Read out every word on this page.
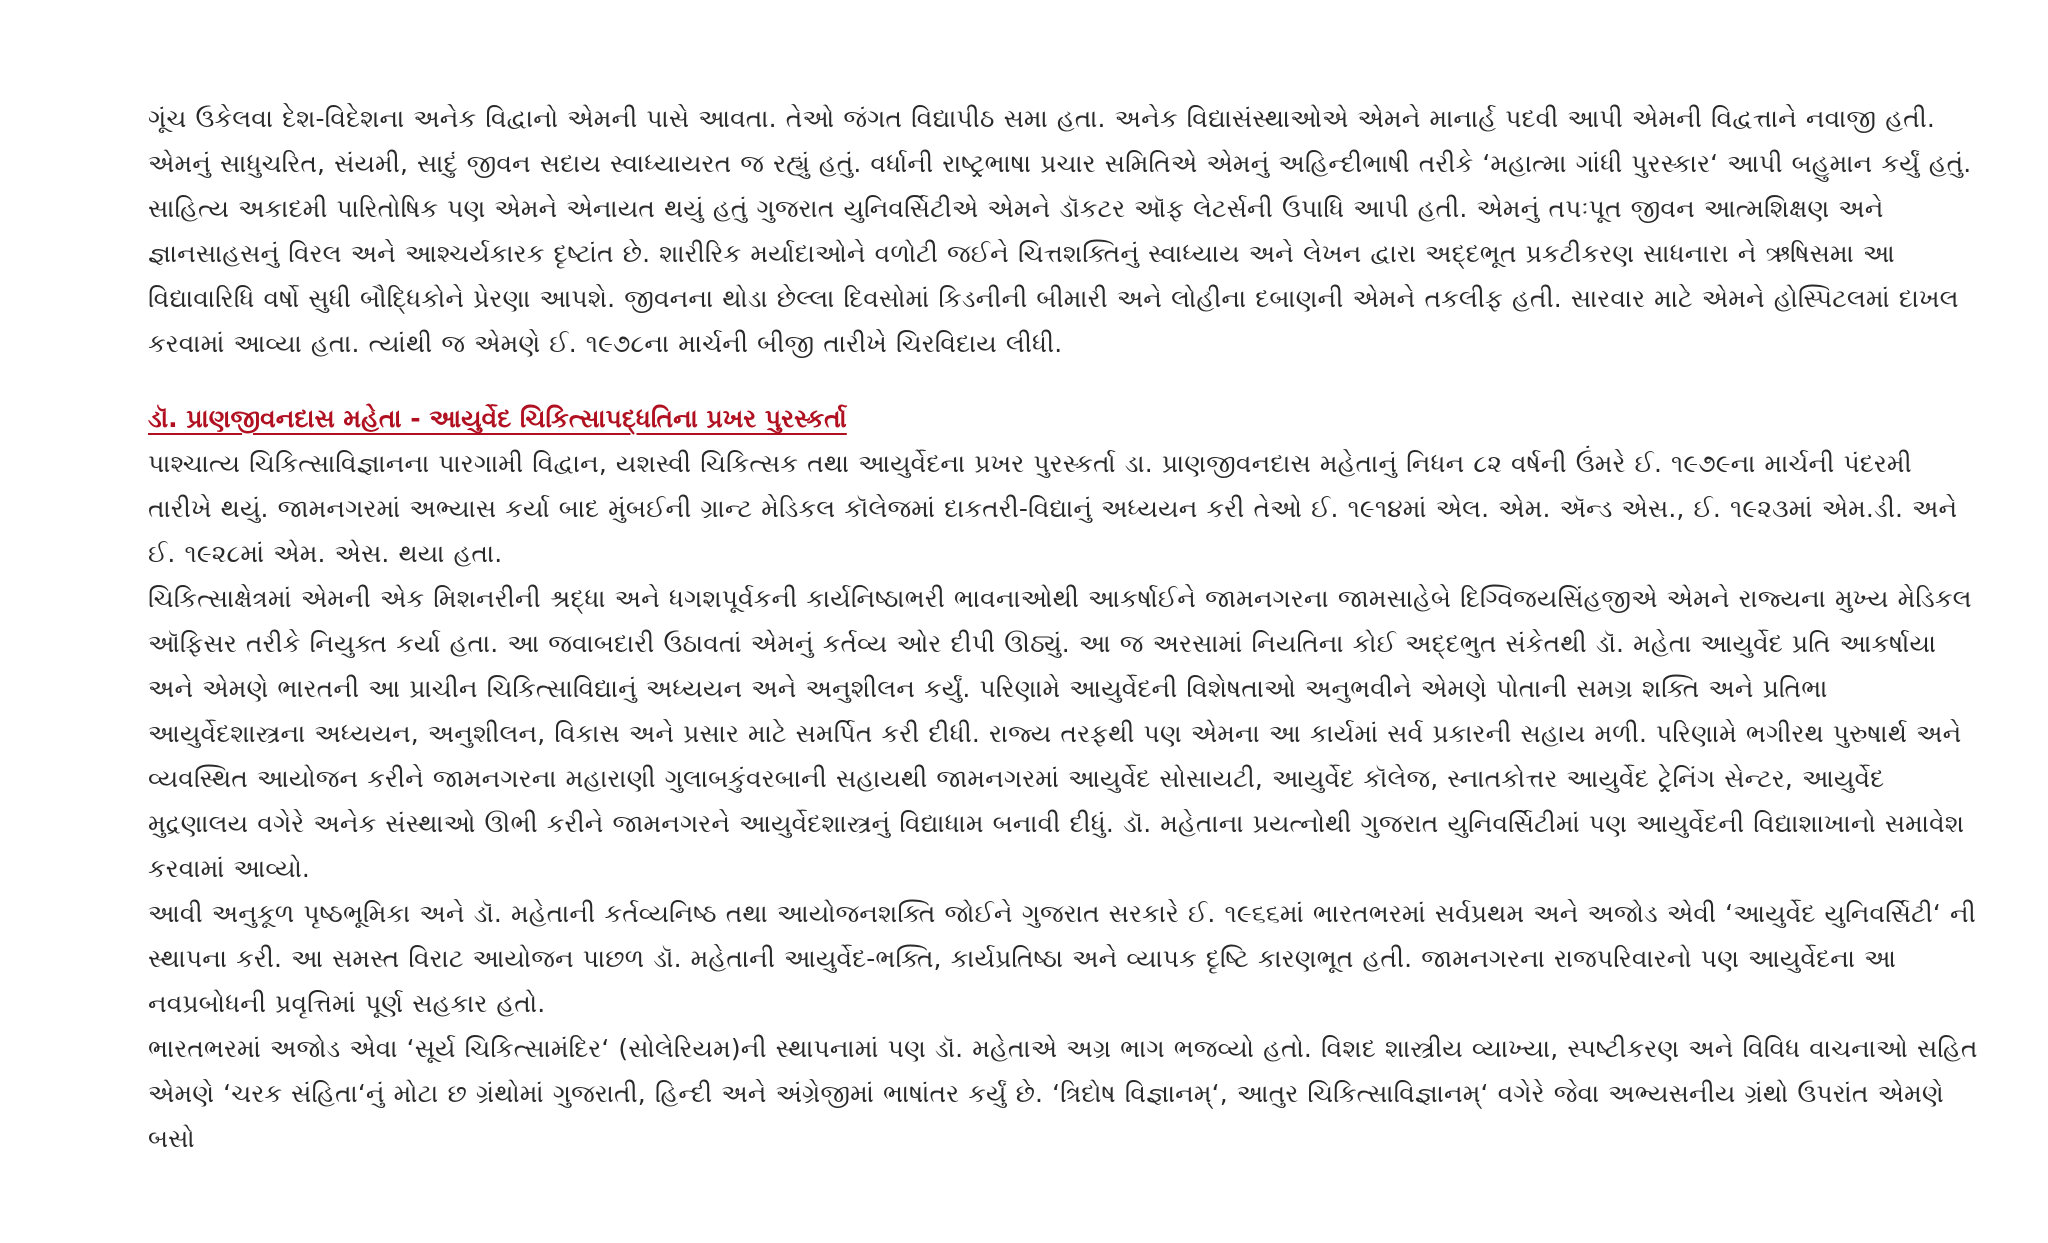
ગૂંચ ઉકેલવા દેશ-વિદેશના અનેક વિદ્વાનો એમની પાસે આવતા. તેઓ જંગત વિદ્યાપીઠ સમા હતા. અનેક વિદ્યાસંસ્થાઓએ એમને માનાર્હ પદવી આપી એમની વિદ્વત્તાને નવાજી હતી. એમનું સાધુચરિત, સંયમી, સાદું જીવન સદાય સ્વાધ્યાયરત જ રહ્યું હતું. વર્ધાની રાષ્ટ્રભાષા પ્રચાર સમિતિએ એમનું અહિન્દીભાષી તરીકે ‘મહાત્મા ગાંધી પુરસ્કાર‘ આપી બહુમાન કર્યું હતું. સાહિત્ય અકાદમી પારિતોષિક પણ એમને એનાયત થયું હતું ગુજરાત યુનિવર્સિટીએ એમને ડૉકટર ઑફ લેટર્સની ઉપાધિ આપી હતી. એમનું તપઃપૂત જીવન આત્મશિક્ષણ અને જ્ઞાનસાહસનું વિરલ અને આશ્ચર્યકારક દૃષ્ટાંત છે. શારીરિક મર્યાદાઓને વળોટી જઈને ચિત્તશક્તિનું સ્વાધ્યાય અને લેખન દ્વારા અદ્દભૂત પ્રકટીકરણ સાધનારા ને ઋષિસમા આ વિદ્યાવારિધિ વર્ષો સુધી બૌદ્ધિકોને પ્રેરણા આપશે. જીવનના થોડા છેલ્લા દિવસોમાં કિડનીની બીમારી અને લોહીના દબાણની એમને તકલીફ હતી. સારવાર માટે એમને હોસ્પિટલમાં દાખલ કરવામાં આવ્યા હતા. ત્યાંથી જ એમણે ઈ. ૧૯૭૮ના માર્ચની બીજી તારીખે ચિરવિદાય લીધી.

ડૉ. પ્રાણજીવનદાસ મહેતા - આયુર્વેદ ચિકિત્સાપદ્ધતિના પ્રખર પુરસ્કર્તા

પાશ્ચાત્ય ચિકિત્સાવિજ્ઞાનના પારગામી વિદ્વાન, યશસ્વી ચિકિત્સક તથા આયુર્વેદના પ્રખર પુરસ્કર્તા ડા. પ્રાણજીવનદાસ મહેતાનું નિધન ૮૨ વર્ષની ઉંમરે ઈ. ૧૯૭૯ના માર્ચની પંદરમી તારીખે થયું. જામનગરમાં અભ્યાસ કર્યા બાદ મુંબઈની ગ્રાન્ટ મેડિકલ કૉલેજમાં દાકતરી-વિદ્યાનું અધ્યયન કરી તેઓ ઈ. ૧૯૧૪માં એલ. એમ. ઍન્ડ એસ., ઈ. ૧૯૨૩માં એમ.ડી. અને ઈ. ૧૯૨૮માં એમ. એસ. થયા હતા.

ચિકિત્સાક્ષેત્રમાં એમની એક મિશનરીની શ્રદ્ધા અને ધગશપૂર્વકની કાર્યનિષ્ઠાભરી ભાવનાઓથી આકર્ષાઈને જામનગરના જામસાહેબે દિગ્વિજયસિંહજીએ એમને રાજ્યના મુખ્ય મેડિકલ ઑફિસર તરીકે નિયુક્ત કર્યા હતા. આ જવાબદારી ઉઠાવતાં એમનું કર્તવ્ય ઓર દીપી ઊઠ્યું. આ જ અરસામાં નિયતિના કોઈ અદ્દભુત સંકેતથી ડૉ. મહેતા આયુર્વેદ પ્રતિ આકર્ષાયા અને એમણે ભારતની આ પ્રાચીન ચિકિત્સાવિદ્યાનું અધ્યયન અને અનુશીલન કર્યું. પરિણામે આયુર્વેદની વિશેષતાઓ અનુભવીને એમણે પોતાની સમગ્ર શક્તિ અને પ્રતિભા આયુર્વેદશાસ્ત્રના અધ્યયન, અનુશીલન, વિકાસ અને પ્રસાર માટે સમર્પિત કરી દીધી. રાજ્ય તરફથી પણ એમના આ કાર્યમાં સર્વ પ્રકારની સહાય મળી. પરિણામે ભગીરથ પુરુષાર્થ અને વ્યવસ્થિત આયોજન કરીને જામનગરના મહારાણી ગુલાબકુંવરબાની સહાયથી જામનગરમાં આયુર્વેદ સોસાયટી, આયુર્વેદ કૉલેજ, સ્નાતકોત્તર આયુર્વેદ ટ્રેનિંગ સેન્ટર, આયુર્વેદ મુદ્રણાલય વગેરે અનેક સંસ્થાઓ ઊભી કરીને જામનગરને આયુર્વેદશાસ્ત્રનું વિદ્યાધામ બનાવી દીધું. ડૉ. મહેતાના પ્રયત્નોથી ગુજરાત યુનિવર્સિટીમાં પણ આયુર્વેદની વિદ્યાશાખાનો સમાવેશ કરવામાં આવ્યો.

આવી અનુકૂળ પૃષ્ઠભૂમિકા અને ડૉ. મહેતાની કર્તવ્યનિષ્ઠ તથા આયોજનશક્તિ જોઈને ગુજરાત સરકારે ઈ. ૧૯૬૬માં ભારતભરમાં સર્વપ્રથમ અને અજોડ એવી ‘આયુર્વેદ યુનિવર્સિટી‘ ની સ્થાપના કરી. આ સમસ્ત વિરાટ આયોજન પાછળ ડૉ. મહેતાની આયુર્વેદ-ભક્તિ, કાર્યપ્રતિષ્ઠા અને વ્યાપક દૃષ્ટિ કારણભૂત હતી. જામનગરના રાજપરિવારનો પણ આયુર્વેદના આ નવપ્રબોધની પ્રવૃત્તિમાં પૂર્ણ સહકાર હતો.

ભારતભરમાં અજોડ એવા ‘સૂર્ય ચિકિત્સામંદિર‘ (સોલેરિયમ)ની સ્થાપનામાં પણ ડૉ. મહેતાએ અગ્ર ભાગ ભજવ્યો હતો. વિશદ શાસ્ત્રીય વ્યાખ્યા, સ્પષ્ટીકરણ અને વિવિધ વાચનાઓ સહિત એમણે ‘ચરક સંહિતા‘નું મોટા છ ગ્રંથોમાં ગુજરાતી, હિન્દી અને અંગ્રેજીમાં ભાષાંતર કર્યું છે. ‘ત્રિદોષ વિજ્ઞાનમ્‘, આતુર ચિકિત્સાવિજ્ઞાનમ્‘ વગેરે જેવા અભ્યસનીય ગ્રંથો ઉપરાંત એમણે બસો
